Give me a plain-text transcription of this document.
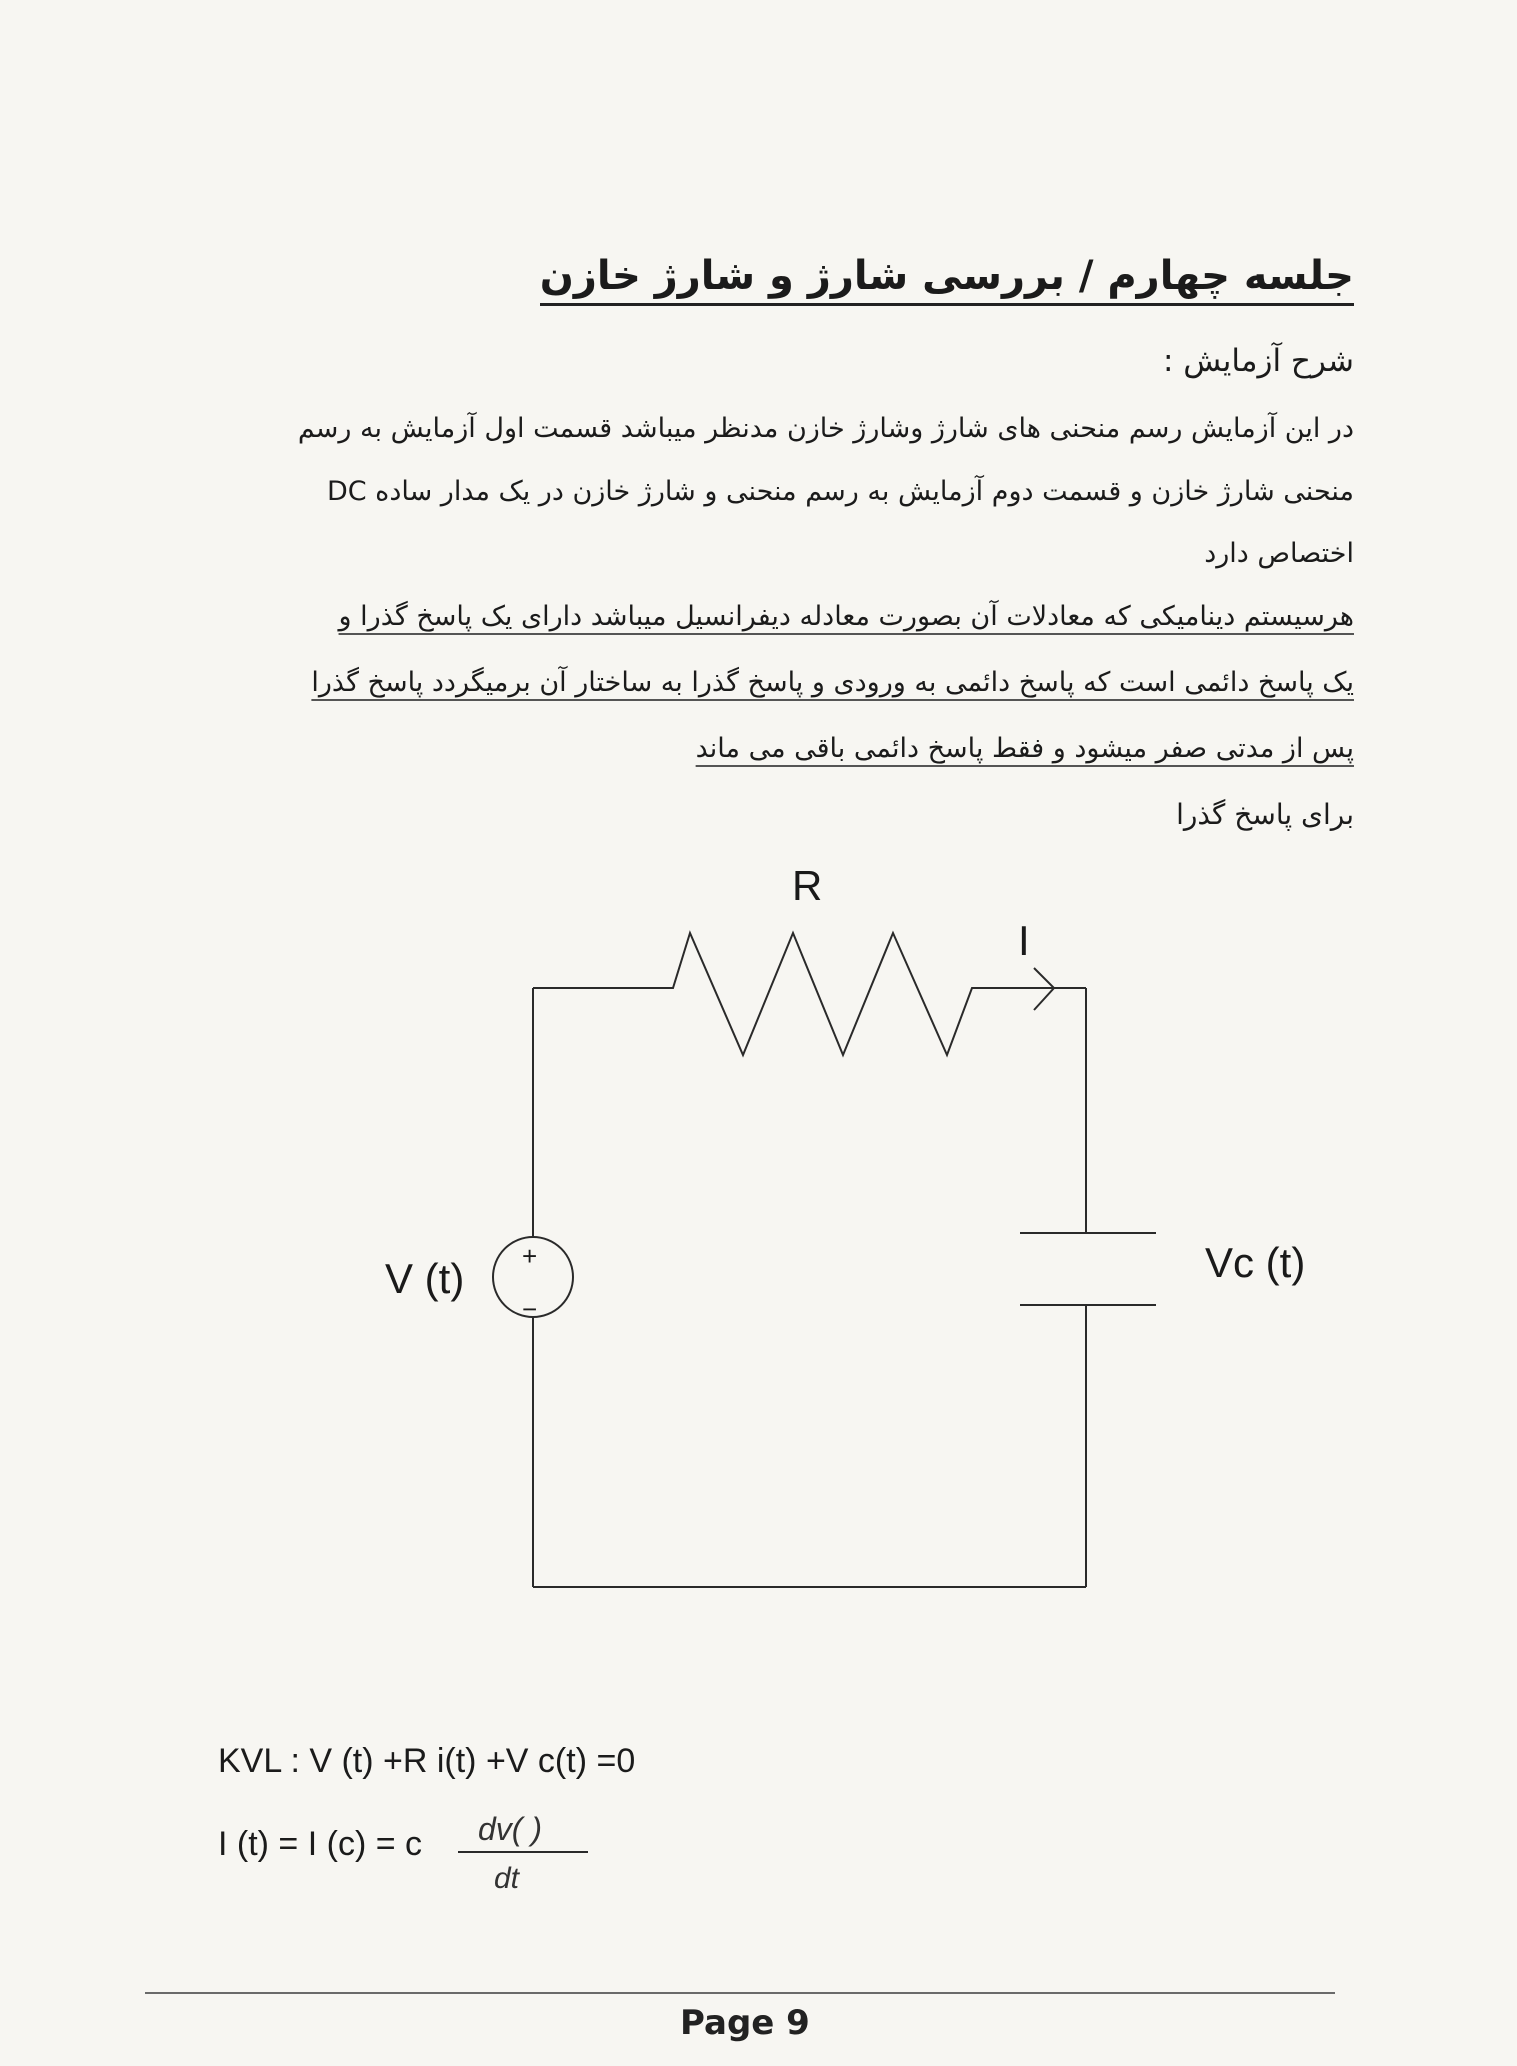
جلسه چهارم / بررسی شارژ و شارژ خازن
شرح آزمایش :
در این آزمایش رسم منحنی های شارژ وشارژ خازن مدنظر میباشد قسمت اول آزمایش به رسم
منحنی شارژ خازن و قسمت دوم آزمایش به رسم منحنی و شارژ خازن در یک مدار ساده DC
اختصاص دارد
هرسیستم دینامیکی که معادلات آن بصورت معادله دیفرانسیل میباشد دارای یک پاسخ گذرا و
یک پاسخ دائمی است که پاسخ دائمی به ورودی و پاسخ گذرا به ساختار آن برمیگردد پاسخ گذرا
پس از مدتی صفر میشود و فقط پاسخ دائمی باقی می ماند
برای پاسخ گذرا
R
I
+
−
V (t)	Vc (t)
dv( )
dt
KVL : V (t) +R i(t) +V c(t) =0
I (t) = I (c) = c
Page 9
